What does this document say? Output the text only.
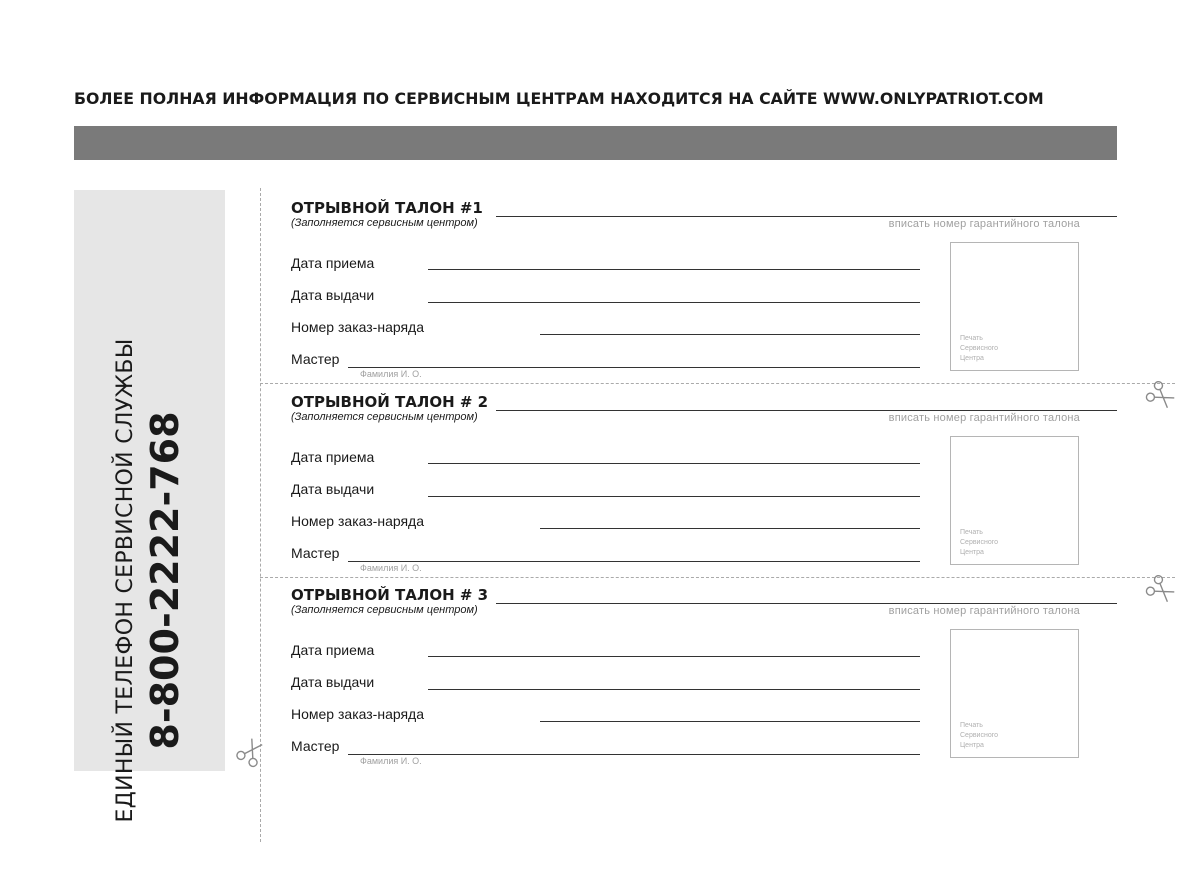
БОЛЕЕ ПОЛНАЯ ИНФОРМАЦИЯ ПО СЕРВИСНЫМ ЦЕНТРАМ НАХОДИТСЯ НА САЙТЕ WWW.ONLYPATRIOT.COM
ЕДИНЫЙ ТЕЛЕФОН СЕРВИСНОЙ СЛУЖБЫ 8-800-2222-768
ОТРЫВНОЙ ТАЛОН #1
(Заполняется сервисным центром)	вписать номер гарантийного талона
Дата приема
Дата выдачи
Номер заказ-наряда
Мастер
Фамилия И. О.
Печать
Сервисного
Центра
ОТРЫВНОЙ ТАЛОН # 2
(Заполняется сервисным центром)	вписать номер гарантийного талона
Дата приема
Дата выдачи
Номер заказ-наряда
Мастер
Фамилия И. О.
Печать
Сервисного
Центра
ОТРЫВНОЙ ТАЛОН # 3
(Заполняется сервисным центром)	вписать номер гарантийного талона
Дата приема
Дата выдачи
Номер заказ-наряда
Мастер
Фамилия И. О.
Печать
Сервисного
Центра
